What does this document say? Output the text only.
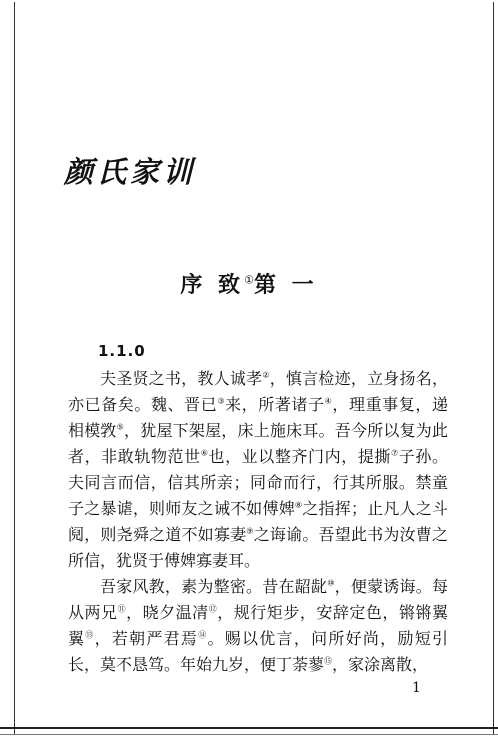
颜氏家训
序 致①第 一
1.1.0

夫圣贤之书，教人诚孝②，慎言检迹，立身扬名，亦已备矣。魏、晋已③来，所著诸子④，理重事复，递相模敩⑤，犹屋下架屋，床上施床耳。吾今所以复为此者，非敢轨物范世⑥也，业以整齐门内，提撕⑦子孙。夫同言而信，信其所亲；同命而行，行其所服。禁童子之暴谑，则师友之诫不如傅婢⑧之指挥；止凡人之斗阋，则尧舜之道不如寡妻⑨之诲谕。吾望此书为汝曹之所信，犹贤于傅婢寡妻耳。

吾家风教，素为整密。昔在龆龀⑩，便蒙诱诲。每从两兄⑪，晓夕温凊⑫，规行矩步，安辞定色，锵锵翼翼⑬，若朝严君焉⑭。赐以优言，问所好尚，励短引长，莫不恳笃。年始九岁，便丁荼蓼⑮，家涂离散，

1
